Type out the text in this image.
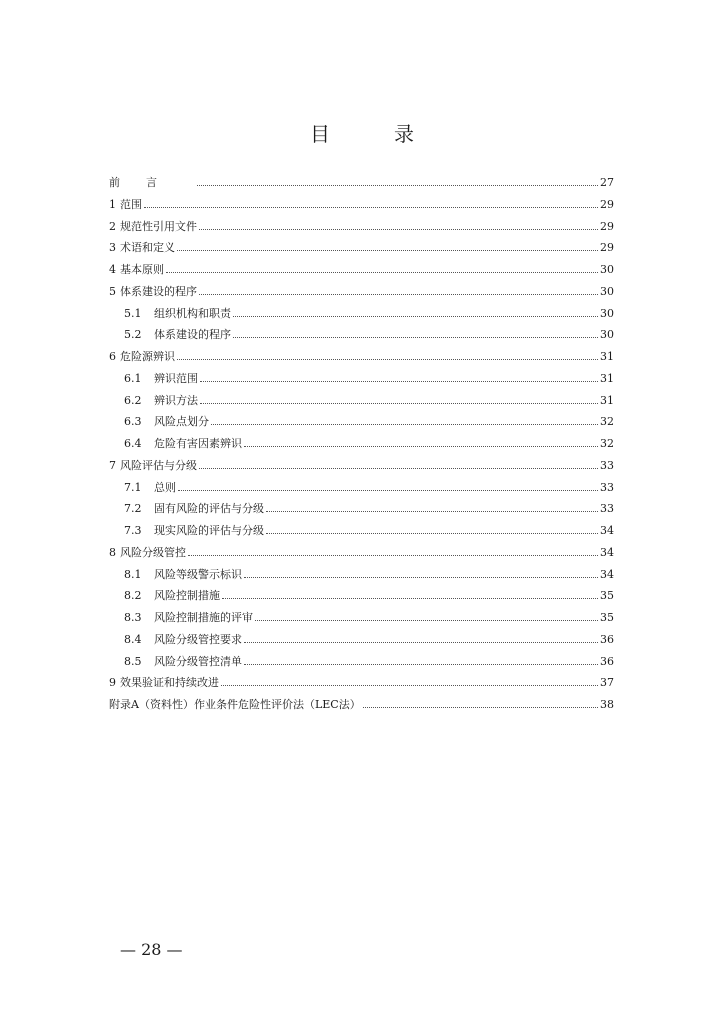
目　录
前言	27
1 范围	29
2 规范性引用文件	29
3 术语和定义	29
4 基本原则	30
5 体系建设的程序	30
5.1	组织机构和职责	30
5.2	体系建设的程序	30
6 危险源辨识	31
6.1	辨识范围	31
6.2	辨识方法	31
6.3	风险点划分	32
6.4	危险有害因素辨识	32
7 风险评估与分级	33
7.1	总则	33
7.2	固有风险的评估与分级	33
7.3	现实风险的评估与分级	34
8 风险分级管控	34
8.1	风险等级警示标识	34
8.2	风险控制措施	35
8.3	风险控制措施的评审	35
8.4	风险分级管控要求	36
8.5	风险分级管控清单	36
9 效果验证和持续改进	37
附录A（资料性）作业条件危险性评价法（LEC法）	38
— 28 —
